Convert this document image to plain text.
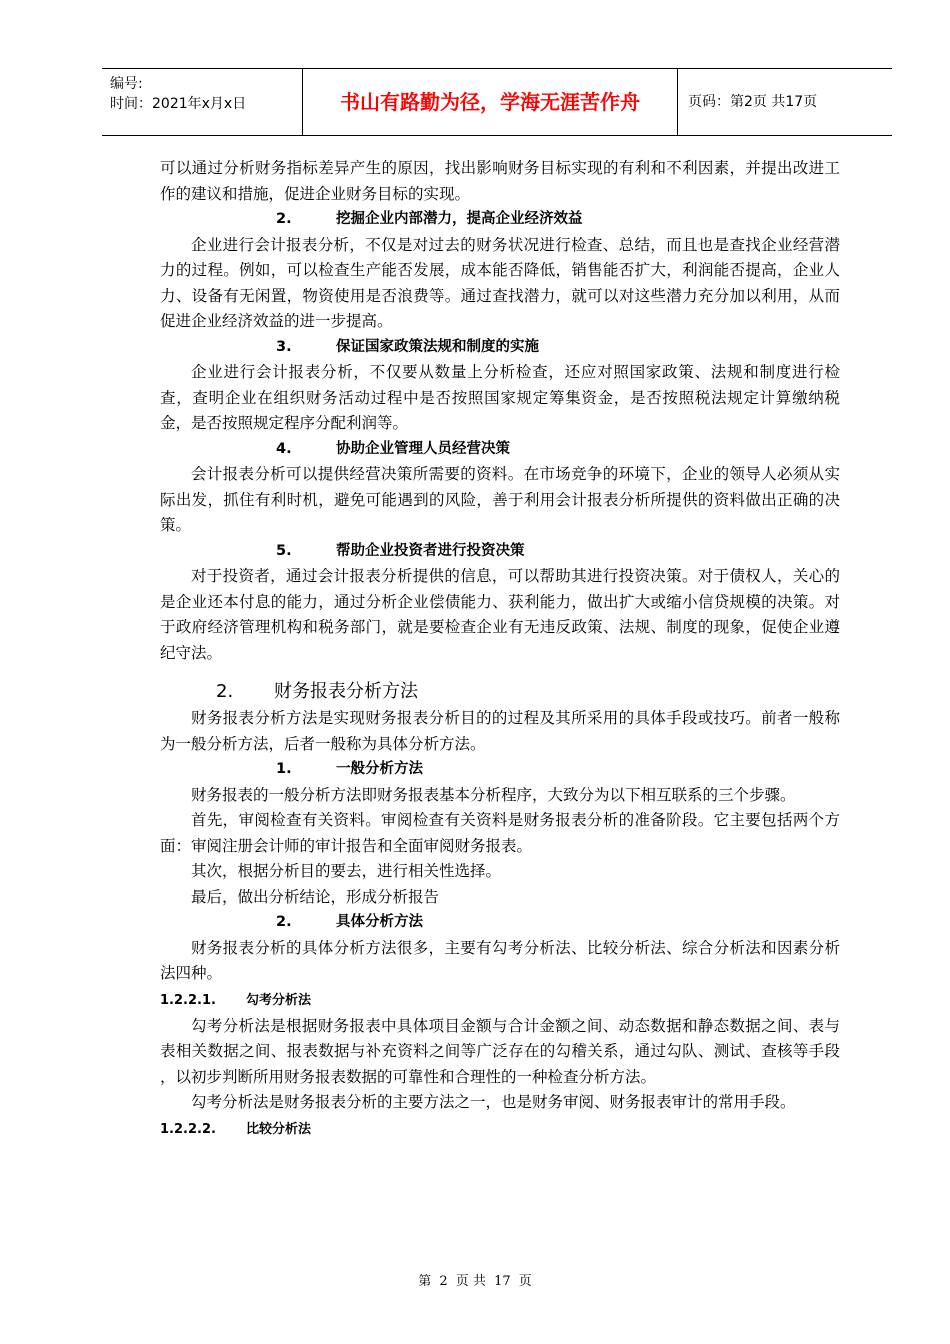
编号:
时间：2021年x月x日	书山有路勤为径，学海无涯苦作舟	页码：第2页 共17页

可以通过分析财务指标差异产生的原因，找出影响财务目标实现的有利和不利因素，并提出改进工作的建议和措施，促进企业财务目标的实现。

2.	挖掘企业内部潜力，提高企业经济效益

企业进行会计报表分析，不仅是对过去的财务状况进行检查、总结，而且也是查找企业经营潜力的过程。例如，可以检查生产能否发展，成本能否降低，销售能否扩大，利润能否提高，企业人力、设备有无闲置，物资使用是否浪费等。通过查找潜力，就可以对这些潜力充分加以利用，从而促进企业经济效益的进一步提高。

3.	保证国家政策法规和制度的实施

企业进行会计报表分析，不仅要从数量上分析检查，还应对照国家政策、法规和制度进行检查，查明企业在组织财务活动过程中是否按照国家规定筹集资金，是否按照税法规定计算缴纳税金，是否按照规定程序分配利润等。

4.	协助企业管理人员经营决策

会计报表分析可以提供经营决策所需要的资料。在市场竞争的环境下，企业的领导人必须从实际出发，抓住有利时机，避免可能遇到的风险，善于利用会计报表分析所提供的资料做出正确的决策。

5.	帮助企业投资者进行投资决策

对于投资者，通过会计报表分析提供的信息，可以帮助其进行投资决策。对于债权人，关心的是企业还本付息的能力，通过分析企业偿债能力、获利能力，做出扩大或缩小信贷规模的决策。对于政府经济管理机构和税务部门，就是要检查企业有无违反政策、法规、制度的现象，促使企业遵纪守法。

2. 财务报表分析方法

财务报表分析方法是实现财务报表分析目的的过程及其所采用的具体手段或技巧。前者一般称为一般分析方法，后者一般称为具体分析方法。

1.	一般分析方法

财务报表的一般分析方法即财务报表基本分析程序，大致分为以下相互联系的三个步骤。

首先，审阅检查有关资料。审阅检查有关资料是财务报表分析的准备阶段。它主要包括两个方面：审阅注册会计师的审计报告和全面审阅财务报表。

其次，根据分析目的要去，进行相关性选择。

最后，做出分析结论，形成分析报告

2.	具体分析方法

财务报表分析的具体分析方法很多，主要有勾考分析法、比较分析法、综合分析法和因素分析法四种。

1.2.2.1. 勾考分析法

勾考分析法是根据财务报表中具体项目金额与合计金额之间、动态数据和静态数据之间、表与表相关数据之间、报表数据与补充资料之间等广泛存在的勾稽关系，通过勾队、测试、查核等手段 ，以初步判断所用财务报表数据的可靠性和合理性的一种检查分析方法。

勾考分析法是财务报表分析的主要方法之一，也是财务审阅、财务报表审计的常用手段。

1.2.2.2. 比较分析法
第 2 页 共 17 页
